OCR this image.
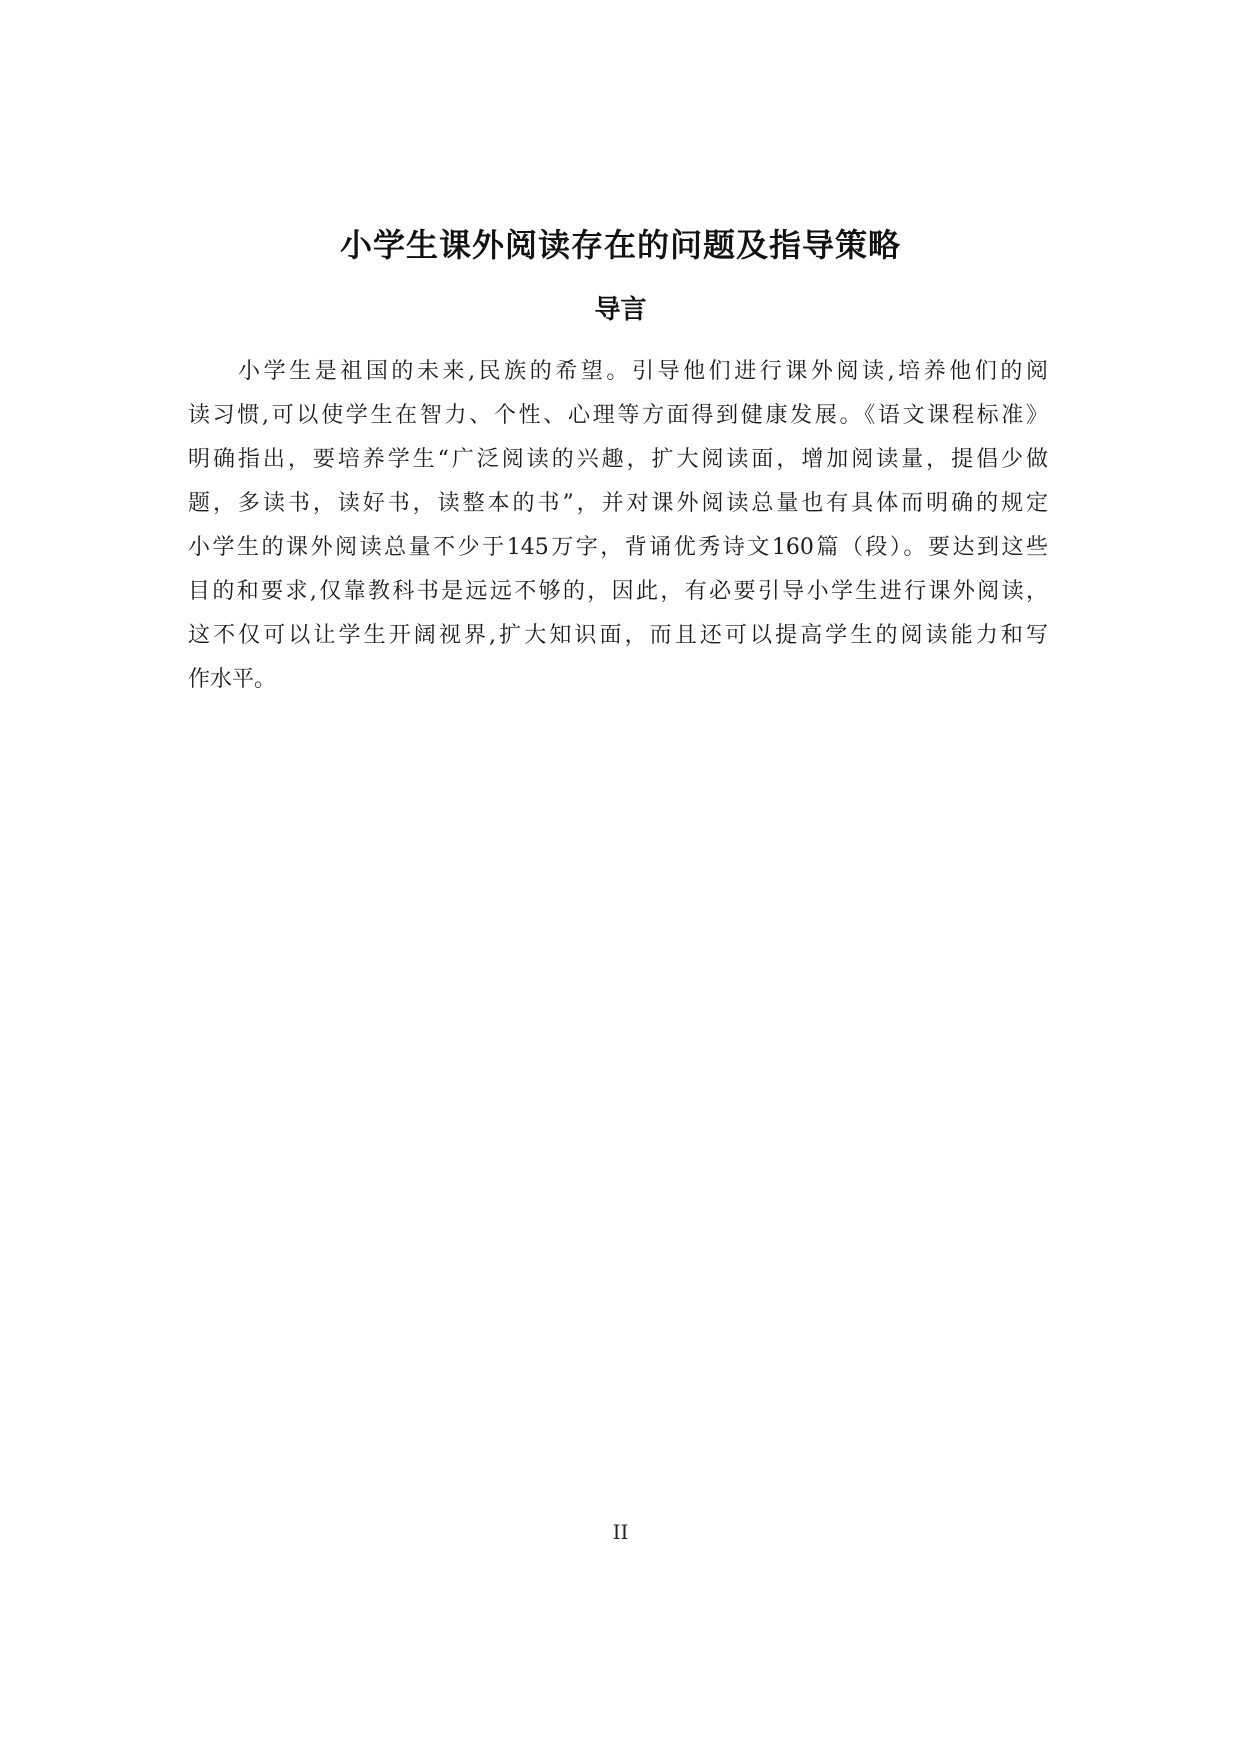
小学生课外阅读存在的问题及指导策略
导言
小学生是祖国的未来,民族的希望。引导他们进行课外阅读,培养他们的阅
读习惯,可以使学生在智力、个性、心理等方面得到健康发展。《语文课程标准》
明确指出，要培养学生“广泛阅读的兴趣，扩大阅读面，增加阅读量，提倡少做
题，多读书，读好书，读整本的书”，并对课外阅读总量也有具体而明确的规定
小学生的课外阅读总量不少于145万字，背诵优秀诗文160篇（段）。要达到这些
目的和要求,仅靠教科书是远远不够的，因此，有必要引导小学生进行课外阅读，
这不仅可以让学生开阔视界,扩大知识面，而且还可以提高学生的阅读能力和写
作水平。
II
